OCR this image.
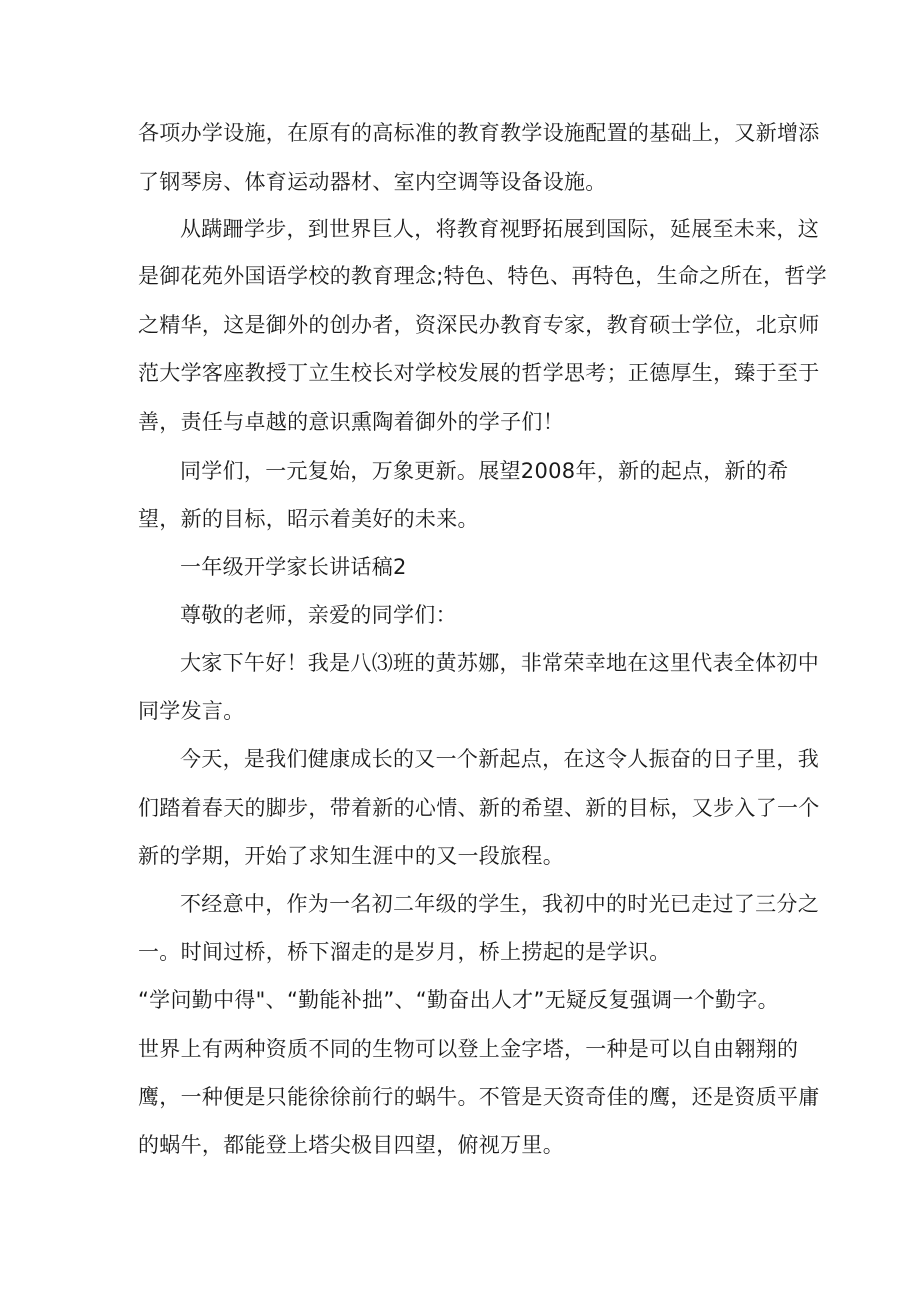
各项办学设施，在原有的高标准的教育教学设施配置的基础上，又新增添
了钢琴房、体育运动器材、室内空调等设备设施。
从蹒跚学步，到世界巨人，将教育视野拓展到国际，延展至未来，这
是御花苑外国语学校的教育理念;特色、特色、再特色，生命之所在，哲学
之精华，这是御外的创办者，资深民办教育专家，教育硕士学位，北京师
范大学客座教授丁立生校长对学校发展的哲学思考；正德厚生，臻于至于
善，责任与卓越的意识熏陶着御外的学子们！
同学们，一元复始，万象更新。展望2008年，新的起点，新的希
望，新的目标，昭示着美好的未来。
一年级开学家长讲话稿2
尊敬的老师，亲爱的同学们：
大家下午好！我是八⑶班的黄苏娜，非常荣幸地在这里代表全体初中
同学发言。
今天，是我们健康成长的又一个新起点，在这令人振奋的日子里，我
们踏着春天的脚步，带着新的心情、新的希望、新的目标，又步入了一个
新的学期，开始了求知生涯中的又一段旅程。
不经意中，作为一名初二年级的学生，我初中的时光已走过了三分之
一。时间过桥，桥下溜走的是岁月，桥上捞起的是学识。
“学问勤中得"、“勤能补拙”、“勤奋出人才”无疑反复强调一个勤字。
世界上有两种资质不同的生物可以登上金字塔，一种是可以自由翱翔的
鹰，一种便是只能徐徐前行的蜗牛。不管是天资奇佳的鹰，还是资质平庸
的蜗牛，都能登上塔尖极目四望，俯视万里。
